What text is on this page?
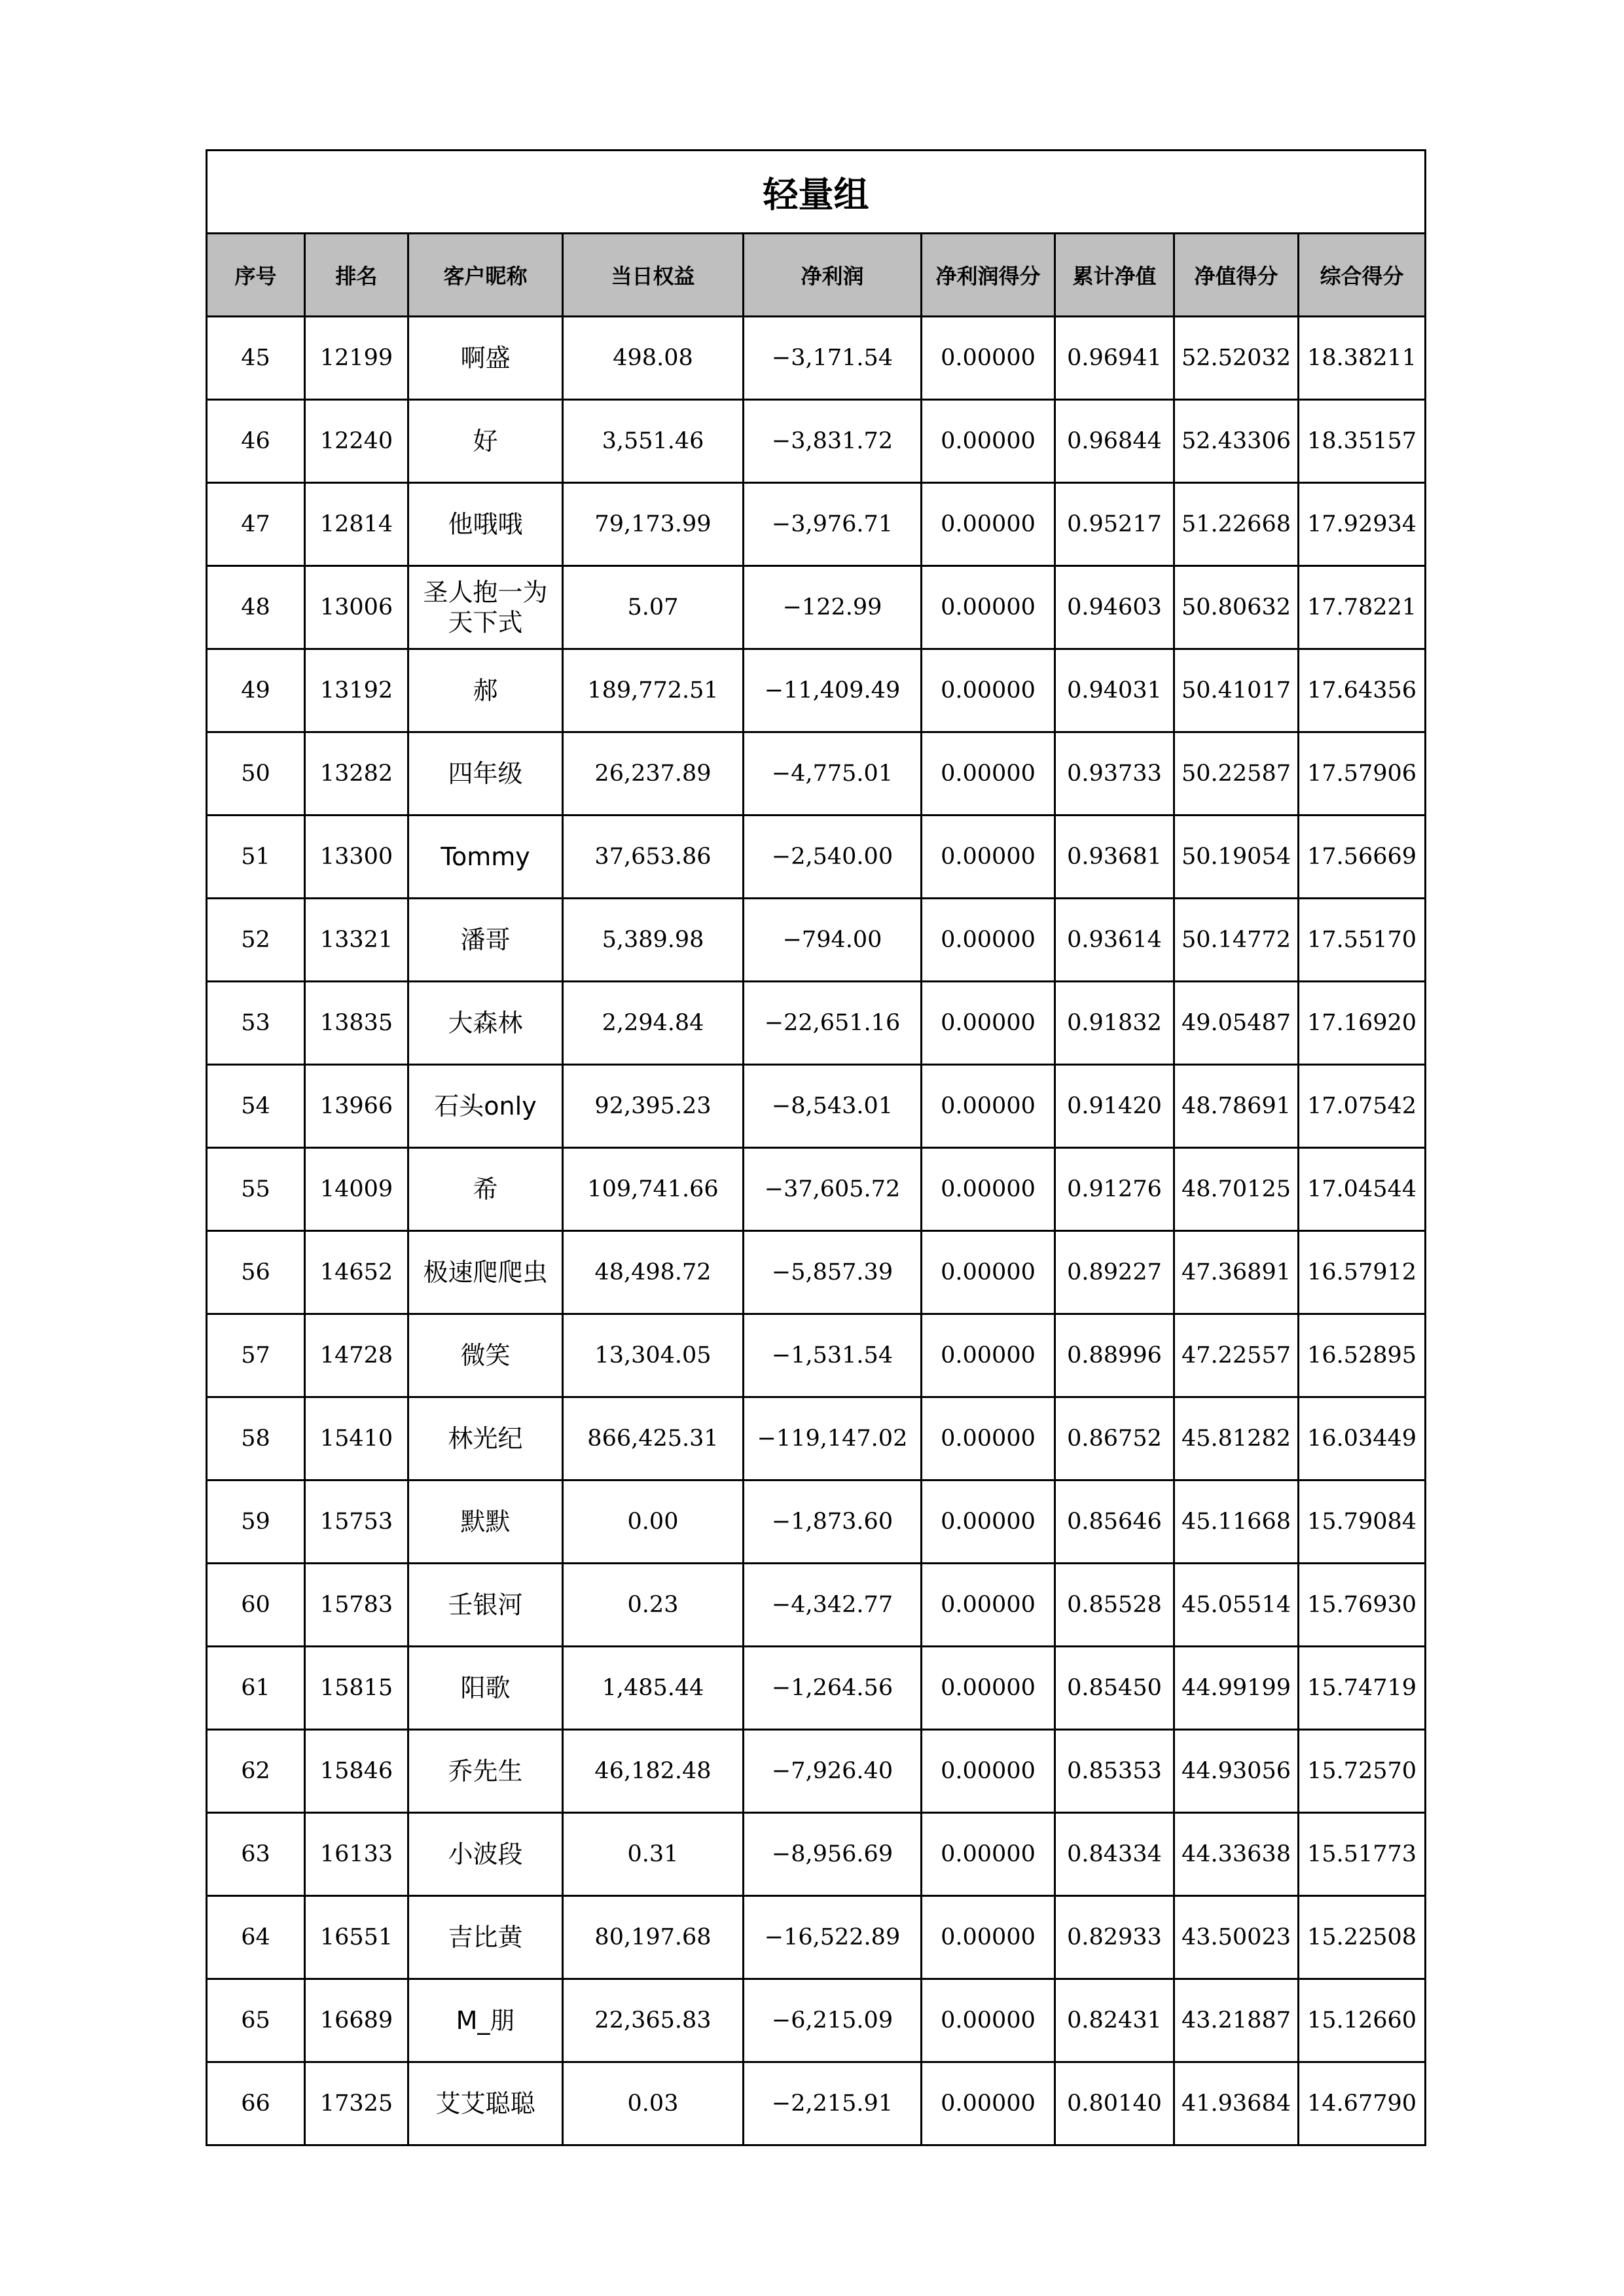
轻量组								
序号	排名	客户昵称	当日权益	净利润	净利润得分	累计净值	净值得分	综合得分
45	12199	啊盛	498.08	−3,171.54	0.00000	0.96941	52.52032	18.38211
46	12240	好	3,551.46	−3,831.72	0.00000	0.96844	52.43306	18.35157
47	12814	他哦哦	79,173.99	−3,976.71	0.00000	0.95217	51.22668	17.92934
48	13006	圣人抱一为天下式	5.07	−122.99	0.00000	0.94603	50.80632	17.78221
49	13192	郝	189,772.51	−11,409.49	0.00000	0.94031	50.41017	17.64356
50	13282	四年级	26,237.89	−4,775.01	0.00000	0.93733	50.22587	17.57906
51	13300	Tommy	37,653.86	−2,540.00	0.00000	0.93681	50.19054	17.56669
52	13321	潘哥	5,389.98	−794.00	0.00000	0.93614	50.14772	17.55170
53	13835	大森林	2,294.84	−22,651.16	0.00000	0.91832	49.05487	17.16920
54	13966	石头only	92,395.23	−8,543.01	0.00000	0.91420	48.78691	17.07542
55	14009	希	109,741.66	−37,605.72	0.00000	0.91276	48.70125	17.04544
56	14652	极速爬爬虫	48,498.72	−5,857.39	0.00000	0.89227	47.36891	16.57912
57	14728	微笑	13,304.05	−1,531.54	0.00000	0.88996	47.22557	16.52895
58	15410	林光纪	866,425.31	−119,147.02	0.00000	0.86752	45.81282	16.03449
59	15753	默默	0.00	−1,873.60	0.00000	0.85646	45.11668	15.79084
60	15783	壬银河	0.23	−4,342.77	0.00000	0.85528	45.05514	15.76930
61	15815	阳歌	1,485.44	−1,264.56	0.00000	0.85450	44.99199	15.74719
62	15846	乔先生	46,182.48	−7,926.40	0.00000	0.85353	44.93056	15.72570
63	16133	小波段	0.31	−8,956.69	0.00000	0.84334	44.33638	15.51773
64	16551	吉比黄	80,197.68	−16,522.89	0.00000	0.82933	43.50023	15.22508
65	16689	M_朋	22,365.83	−6,215.09	0.00000	0.82431	43.21887	15.12660
66	17325	艾艾聪聪	0.03	−2,215.91	0.00000	0.80140	41.93684	14.67790
